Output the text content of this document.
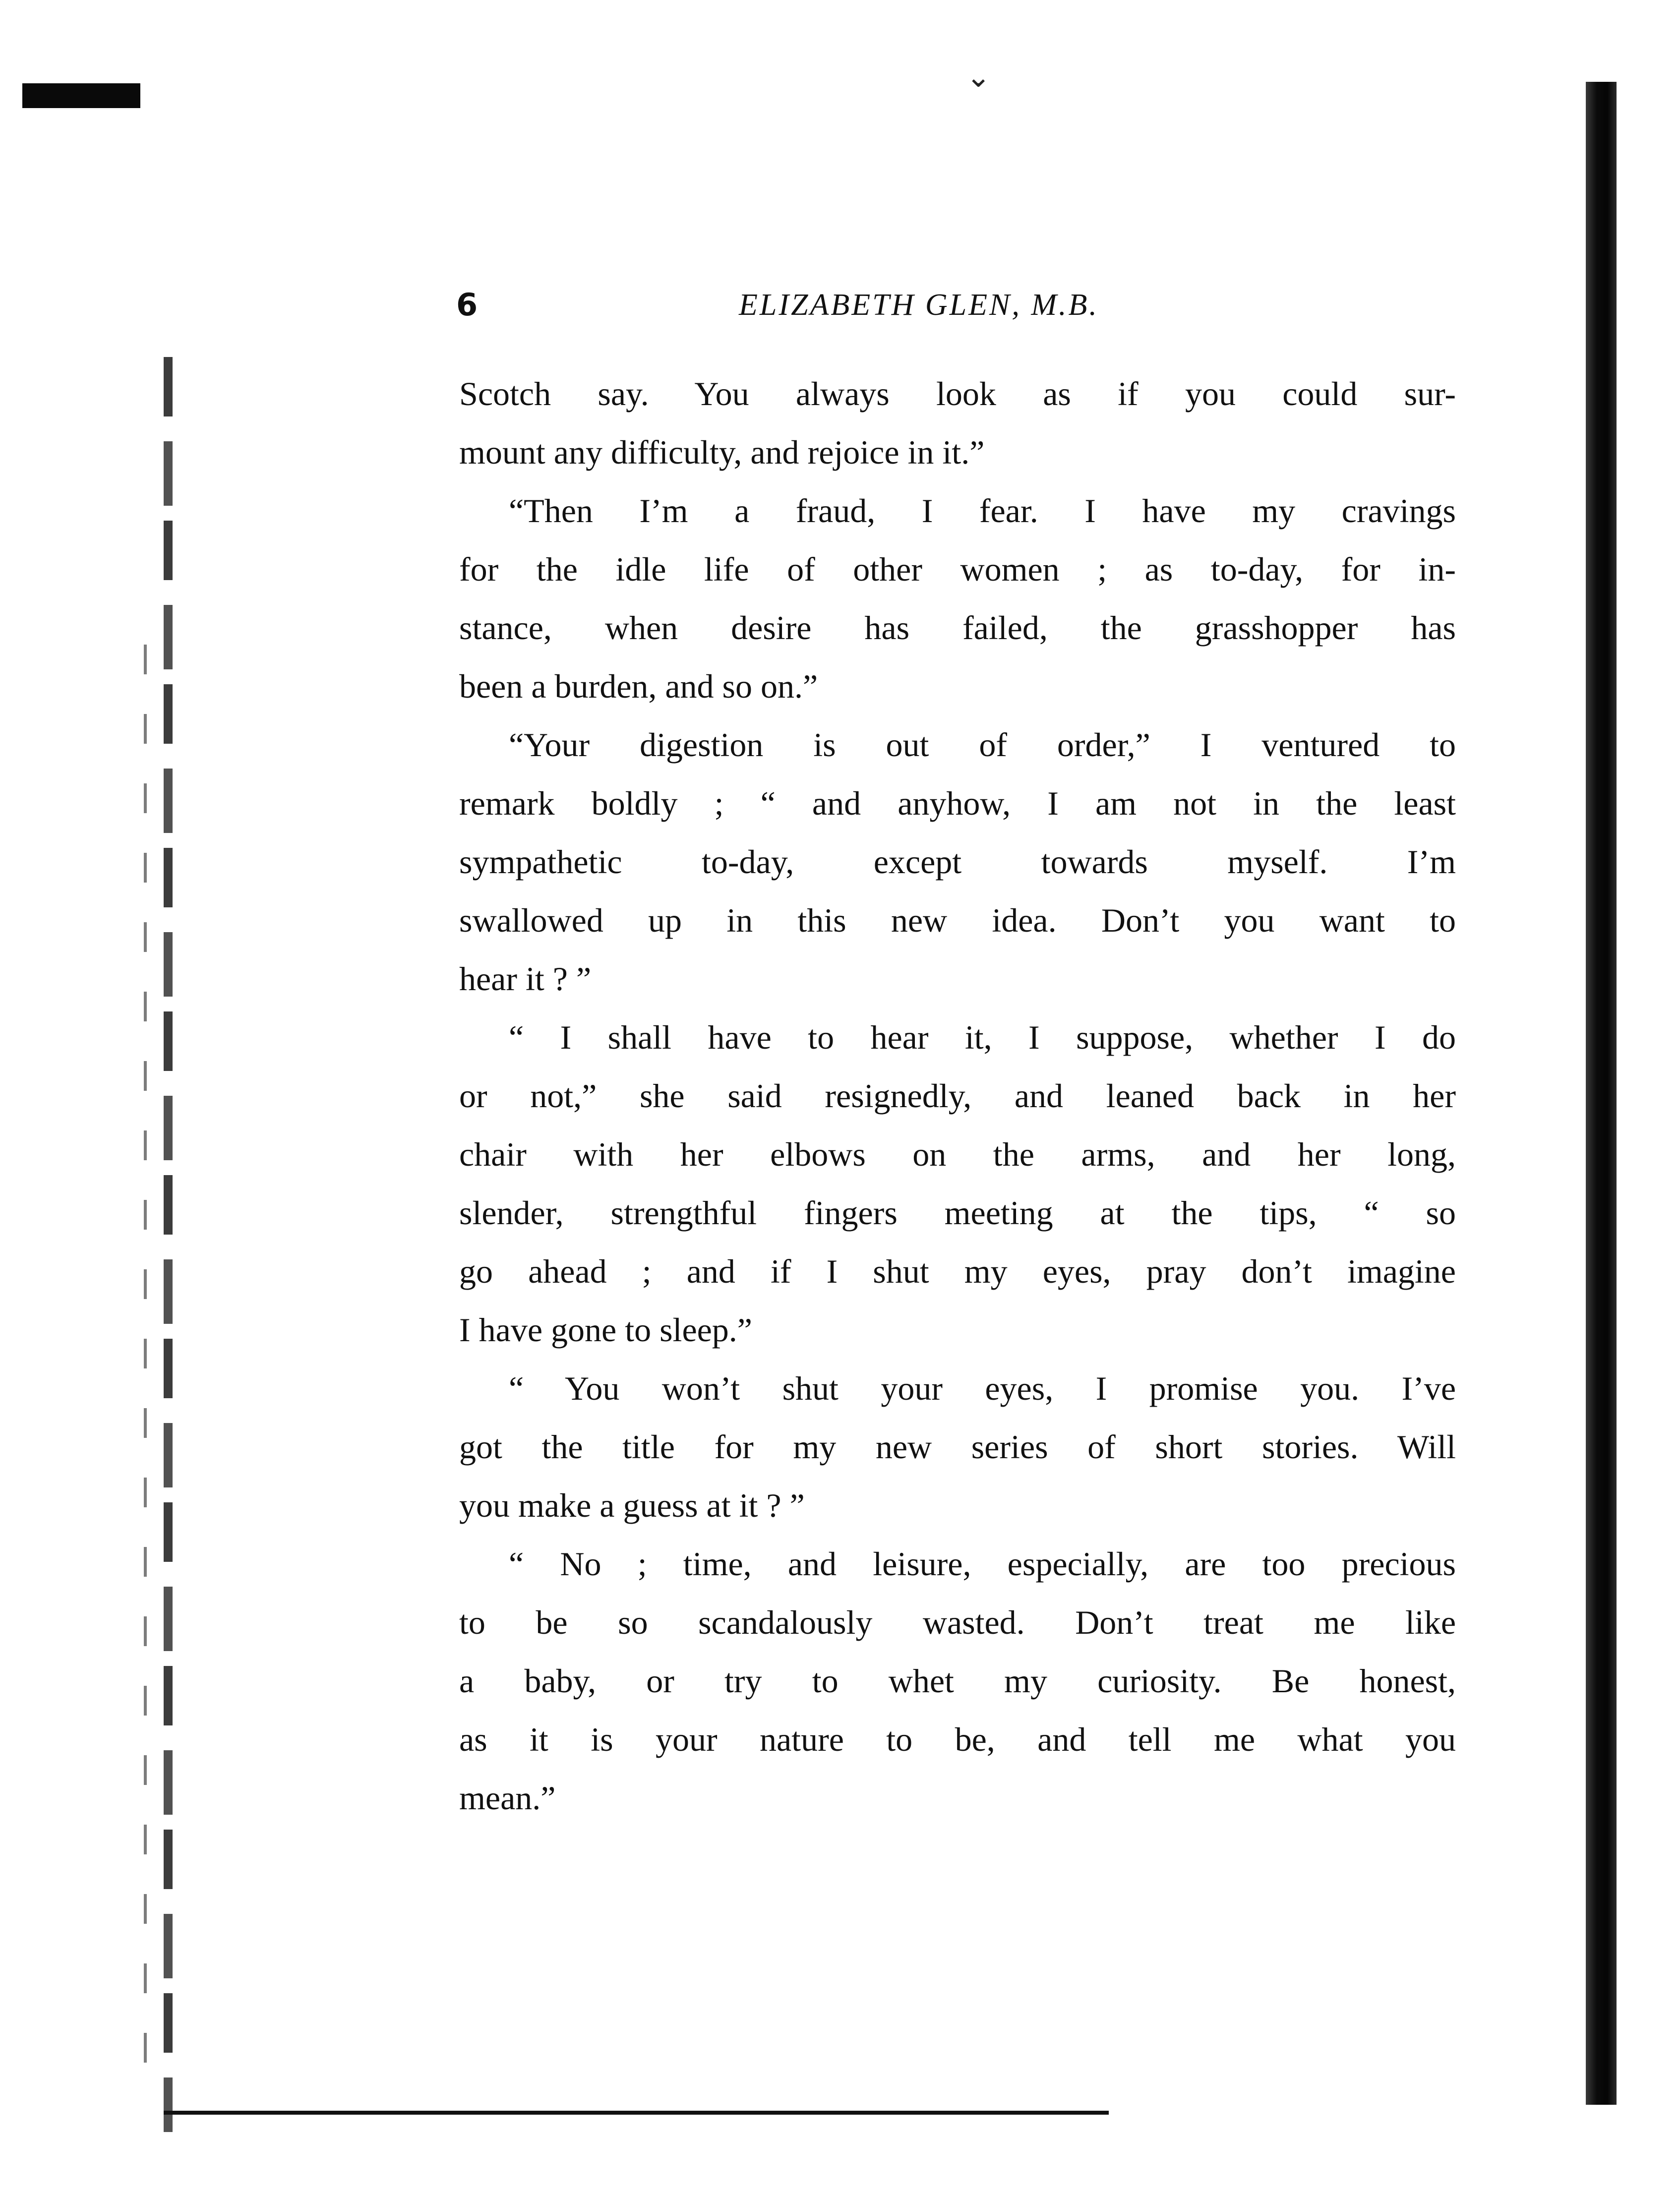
⌄
6	ELIZABETH GLEN, M.B.
Scotch say. You always look as if you could sur-
mount any difficulty, and rejoice in it.”
“Then I’m a fraud, I fear. I have my cravings
for the idle life of other women ; as to-day, for in-
stance, when desire has failed, the grasshopper has
been a burden, and so on.”
“Your digestion is out of order,” I ventured to
remark boldly ; “ and anyhow, I am not in the least
sympathetic to-day, except towards myself. I’m
swallowed up in this new idea. Don’t you want to
hear it ? ”
“ I shall have to hear it, I suppose, whether I do
or not,” she said resignedly, and leaned back in her
chair with her elbows on the arms, and her long,
slender, strengthful fingers meeting at the tips, “ so
go ahead ; and if I shut my eyes, pray don’t imagine
I have gone to sleep.”
“ You won’t shut your eyes, I promise you. I’ve
got the title for my new series of short stories. Will
you make a guess at it ? ”
“ No ; time, and leisure, especially, are too precious
to be so scandalously wasted. Don’t treat me like
a baby, or try to whet my curiosity. Be honest,
as it is your nature to be, and tell me what you
mean.”
